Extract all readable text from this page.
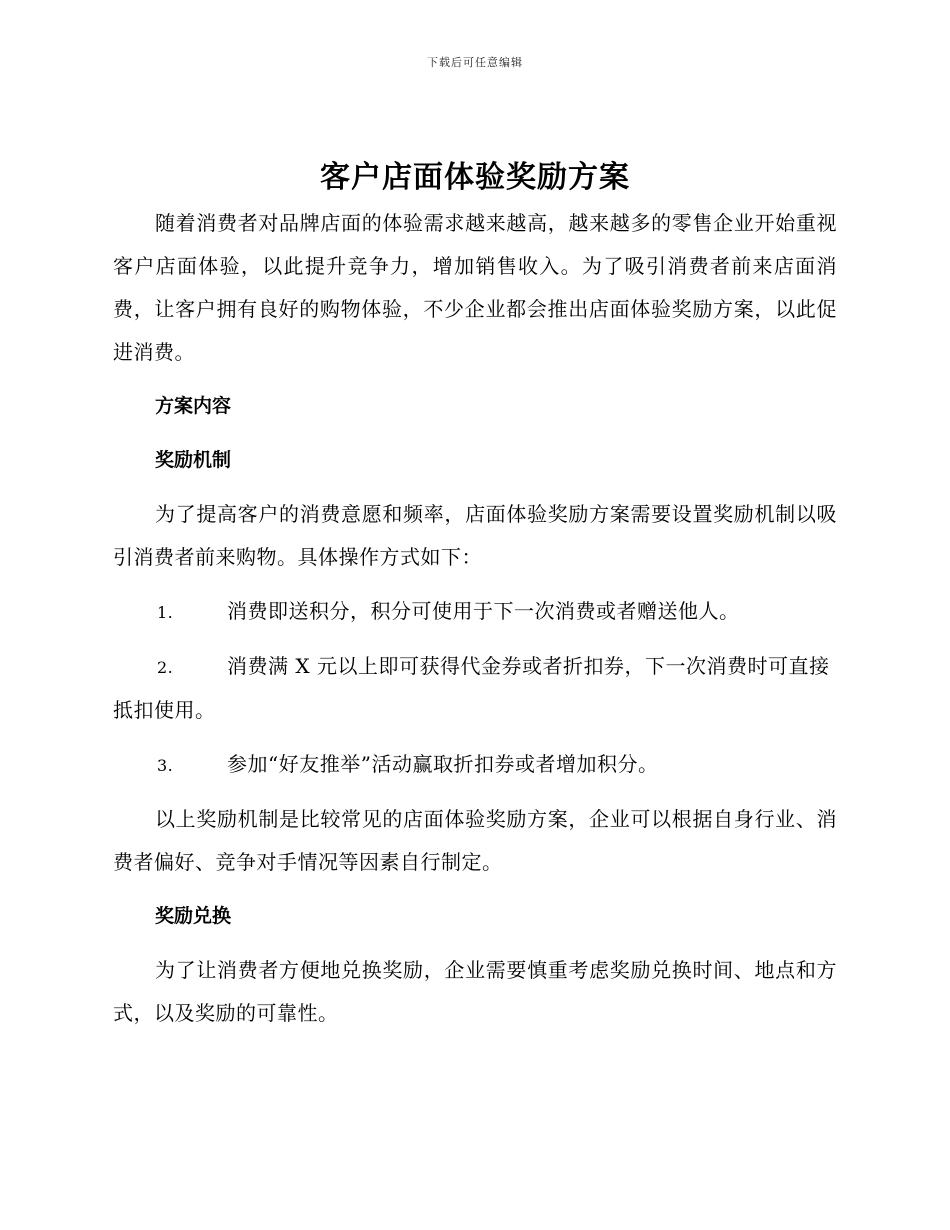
下载后可任意编辑
客户店面体验奖励方案

随着消费者对品牌店面的体验需求越来越高，越来越多的零售企业开始重视客户店面体验，以此提升竞争力，增加销售收入。为了吸引消费者前来店面消费，让客户拥有良好的购物体验，不少企业都会推出店面体验奖励方案，以此促进消费。

方案内容

奖励机制

为了提高客户的消费意愿和频率，店面体验奖励方案需要设置奖励机制以吸引消费者前来购物。具体操作方式如下：

1.	消费即送积分，积分可使用于下一次消费或者赠送他人。

2.	消费满 X 元以上即可获得代金券或者折扣券，下一次消费时可直接抵扣使用。

3.	参加“好友推举”活动赢取折扣券或者增加积分。

以上奖励机制是比较常见的店面体验奖励方案，企业可以根据自身行业、消费者偏好、竞争对手情况等因素自行制定。

奖励兑换

为了让消费者方便地兑换奖励，企业需要慎重考虑奖励兑换时间、地点和方式，以及奖励的可靠性。
